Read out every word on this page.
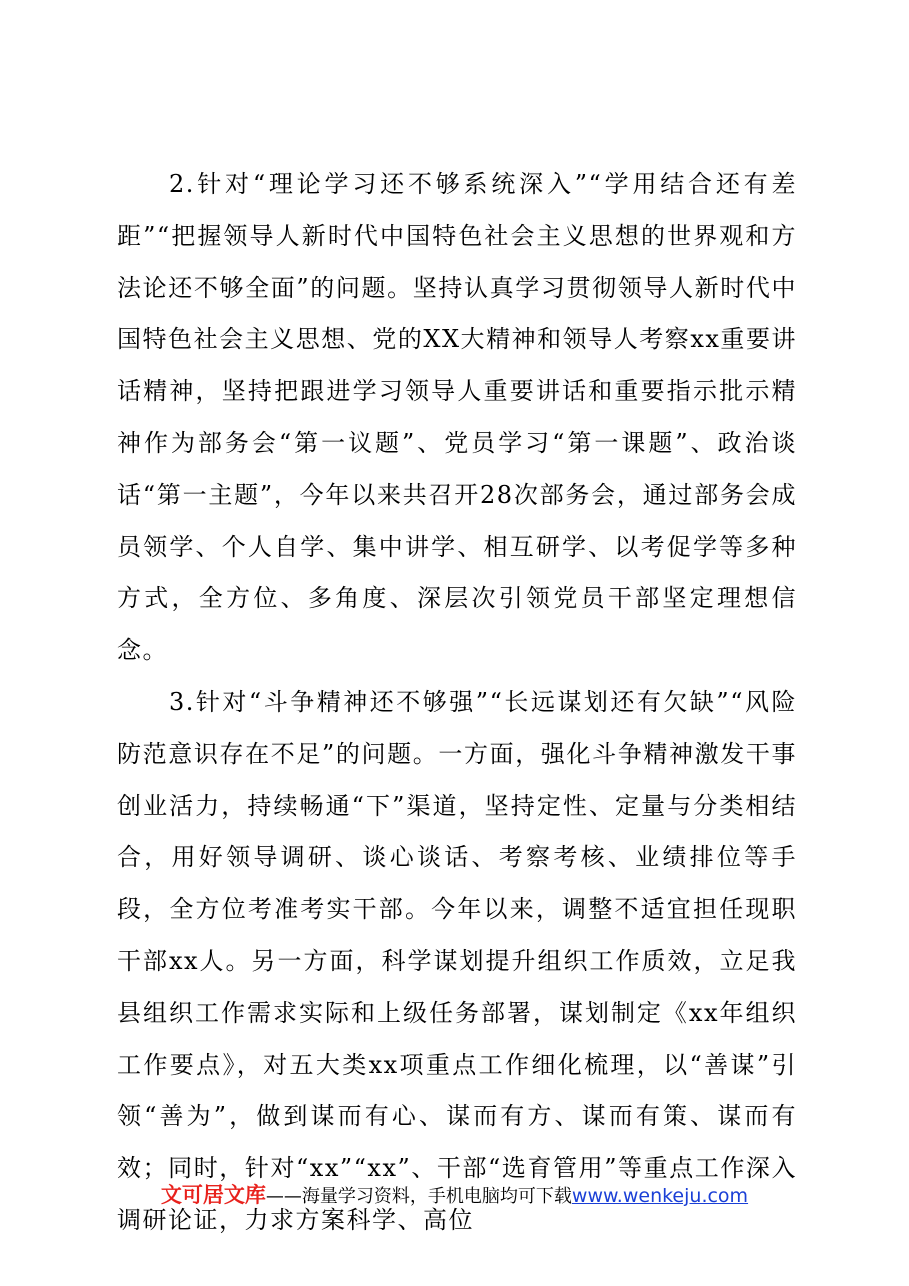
2.针对“理论学习还不够系统深入”“学用结合还有差距”“把握领导人新时代中国特色社会主义思想的世界观和方法论还不够全面”的问题。坚持认真学习贯彻领导人新时代中国特色社会主义思想、党的XX大精神和领导人考察xx重要讲话精神，坚持把跟进学习领导人重要讲话和重要指示批示精神作为部务会“第一议题”、党员学习“第一课题”、政治谈话“第一主题”，今年以来共召开28次部务会，通过部务会成员领学、个人自学、集中讲学、相互研学、以考促学等多种方式，全方位、多角度、深层次引领党员干部坚定理想信念。

3.针对“斗争精神还不够强”“长远谋划还有欠缺”“风险防范意识存在不足”的问题。一方面，强化斗争精神激发干事创业活力，持续畅通“下”渠道，坚持定性、定量与分类相结合，用好领导调研、谈心谈话、考察考核、业绩排位等手段，全方位考准考实干部。今年以来，调整不适宜担任现职干部xx人。另一方面，科学谋划提升组织工作质效，立足我县组织工作需求实际和上级任务部署，谋划制定《xx年组织工作要点》，对五大类xx项重点工作细化梳理，以“善谋”引领“善为”，做到谋而有心、谋而有方、谋而有策、谋而有效；同时，针对“xx”“xx”、干部“选育管用”等重点工作深入调研论证，力求方案科学、高位

文可居文库——海量学习资料，手机电脑均可下载www.wenkeju.com
